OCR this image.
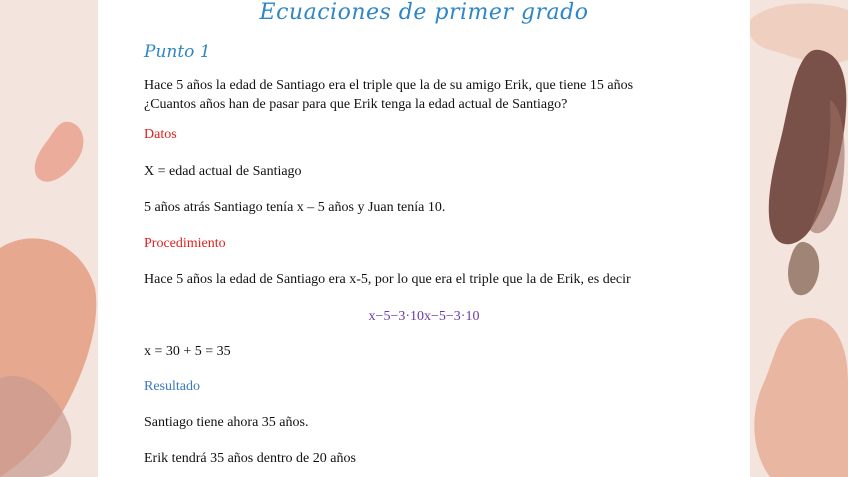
Ecuaciones de primer grado
Punto 1
Hace 5 años la edad de Santiago era el triple que la de su amigo Erik, que tiene 15 años
¿Cuantos años han de pasar para que Erik tenga la edad actual de Santiago?
Datos
X = edad actual de Santiago
5 años atrás Santiago tenía x – 5 años y Juan tenía 10.
Procedimiento
Hace 5 años la edad de Santiago era x-5, por lo que era el triple que la de Erik, es decir
x−5−3·10x−5−3·10
x = 30 + 5 = 35
Resultado
Santiago tiene ahora 35 años.
Erik tendrá 35 años dentro de 20 años
